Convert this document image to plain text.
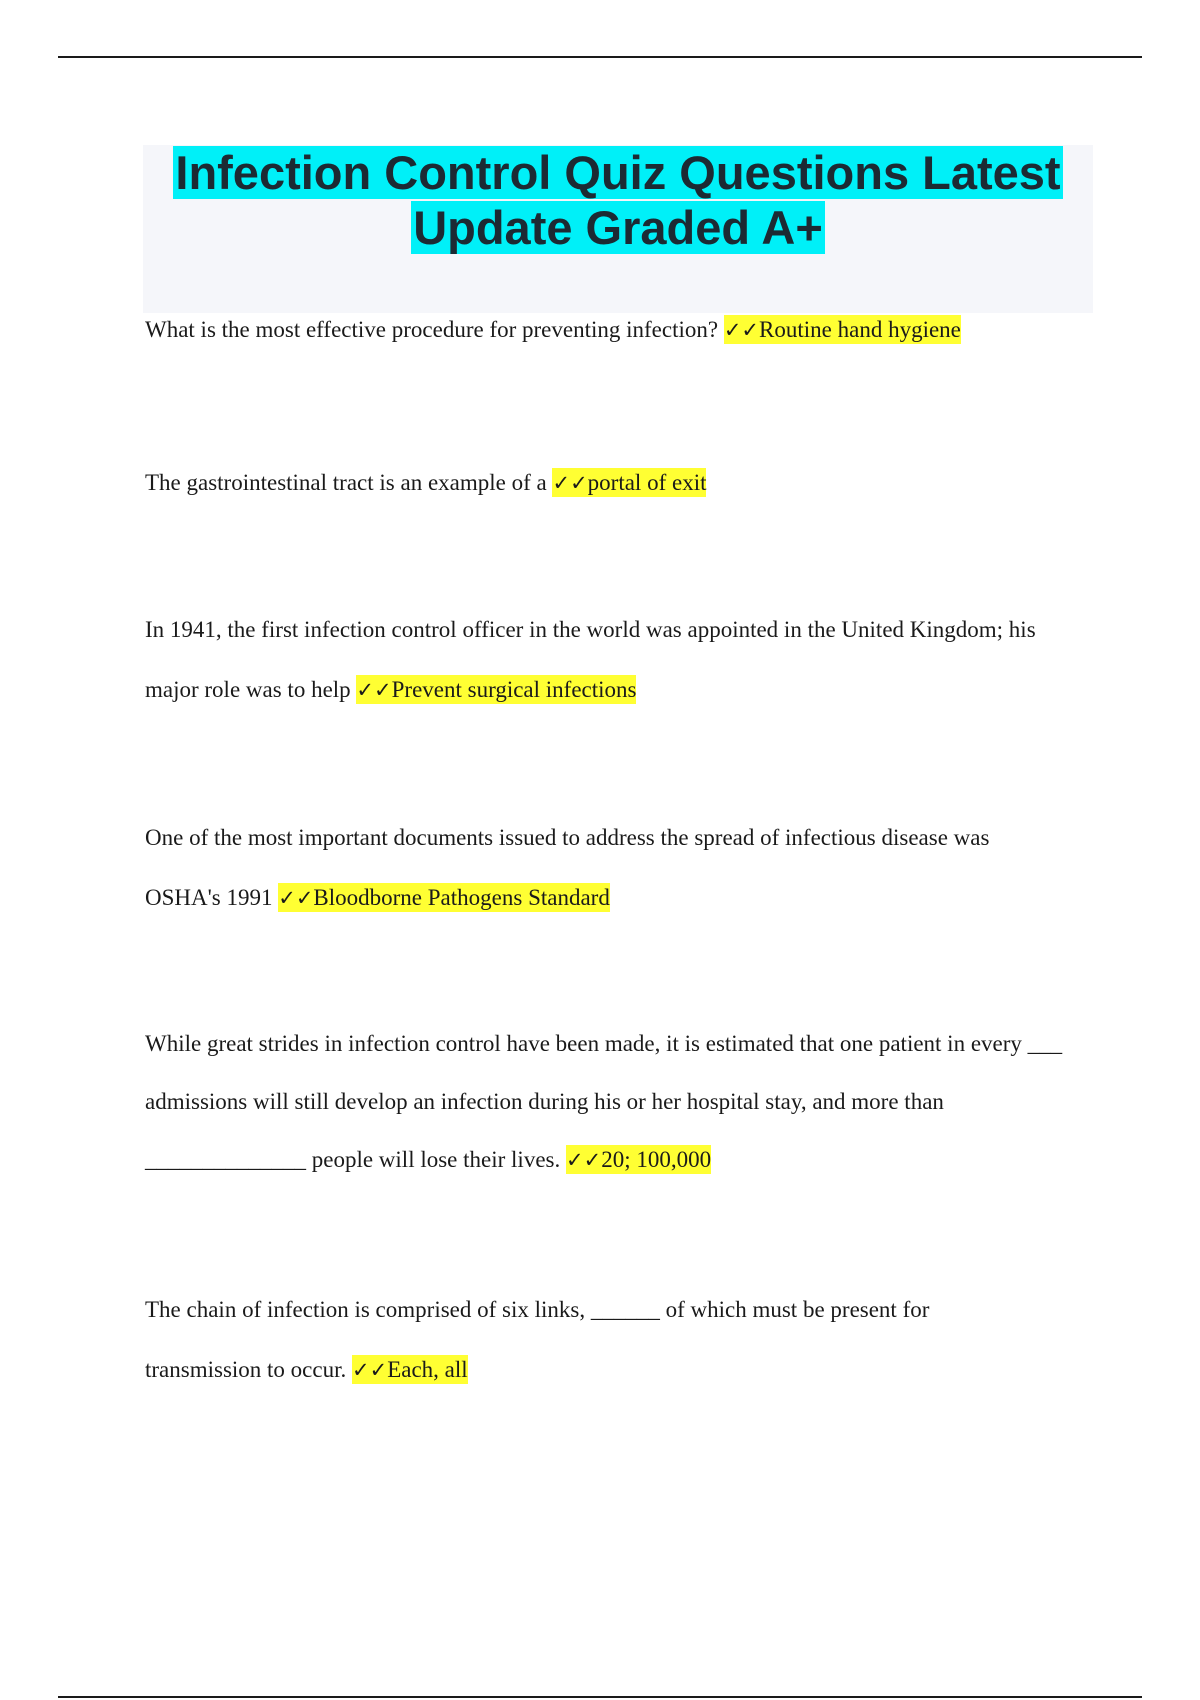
Infection Control Quiz Questions Latest
Update Graded A+
What is the most effective procedure for preventing infection? ✓✓Routine hand hygiene
The gastrointestinal tract is an example of a ✓✓portal of exit
In 1941, the first infection control officer in the world was appointed in the United Kingdom; his major role was to help ✓✓Prevent surgical infections
One of the most important documents issued to address the spread of infectious disease was OSHA's 1991 ✓✓Bloodborne Pathogens Standard
While great strides in infection control have been made, it is estimated that one patient in every ___ admissions will still develop an infection during his or her hospital stay, and more than ______________ people will lose their lives. ✓✓20; 100,000
The chain of infection is comprised of six links, ______ of which must be present for transmission to occur. ✓✓Each, all
